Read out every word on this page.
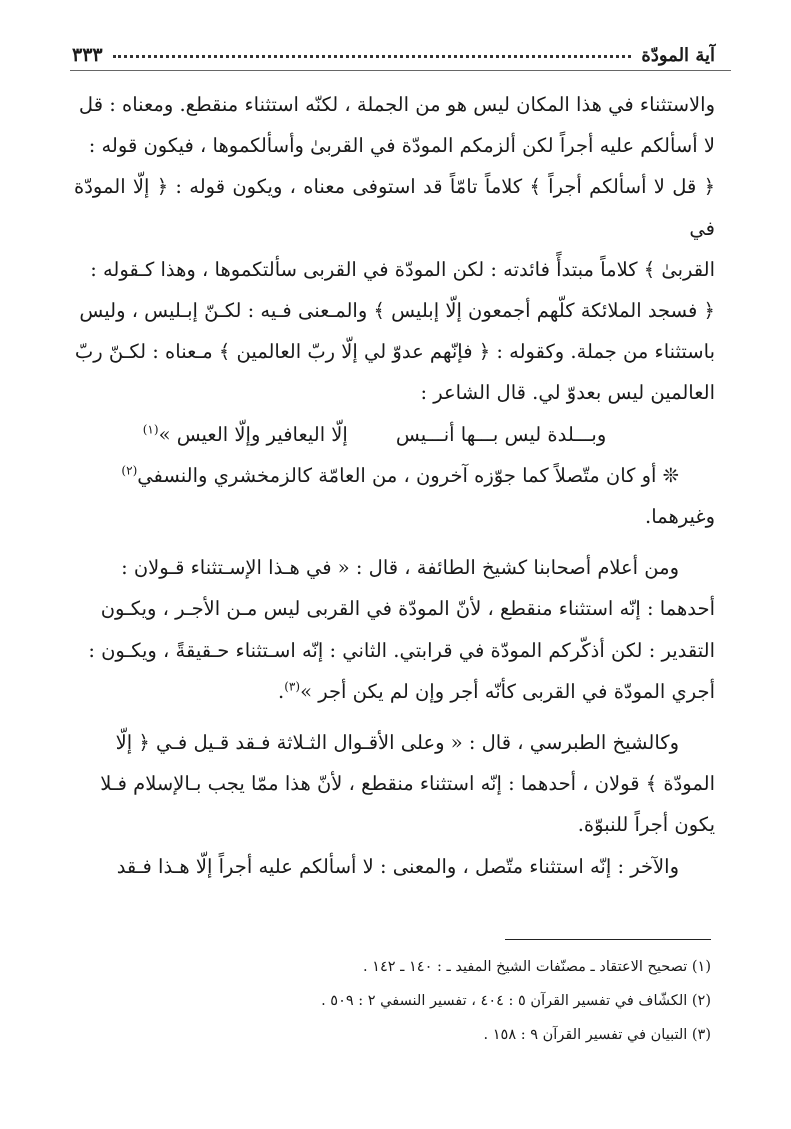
آية المودّة
٣٣٣

والاستثناء في هذا المكان ليس هو من الجملة ، لكنّه استثناء منقطع. ومعناه : قل

لا أسألكم عليه أجراً لكن ألزمكم المودّة في القربىٰ وأسألكموها ، فيكون قوله :

﴿ قل لا أسألكم أجراً ﴾ كلاماً تامّاً قد استوفى معناه ، ويكون قوله : ﴿ إلّا المودّة في

القربىٰ ﴾ كلاماً مبتدأً فائدته : لكن المودّة في القربى سألتكموها ، وهذا كـقوله :

﴿ فسجد الملائكة كلّهم أجمعون إلّا إبليس ﴾ والمـعنى فـيه : لكـنّ إبـليس ، وليس

باستثناء من جملة. وكقوله : ﴿ فإنّهم عدوّ لي إلّا ربّ العالمين ﴾ مـعناه : لكـنّ ربّ

العالمين ليس بعدوّ لي. قال الشاعر :

وبـــلدة ليس بـــها أنـــيس
إلّا اليعافير وإلّا العيس »$^{(١)}$

❊ أو كان متّصلاً كما جوّزه آخرون ، من العامّة كالزمخشري والنسفي$^{(٢)}$

وغيرهما.

ومن أعلام أصحابنا كشيخ الطائفة ، قال : « في هـذا الإسـتثناء قـولان :

أحدهما : إنّه استثناء منقطع ، لأنّ المودّة في القربى ليس مـن الأجـر ، ويكـون

التقدير : لكن أذكّركم المودّة في قرابتي. الثاني : إنّه اسـتثناء حـقيقةً ، ويكـون :

أجري المودّة في القربى كأنّه أجر وإن لم يكن أجر »$^{(٣)}$.

وكالشيخ الطبرسي ، قال : « وعلى الأقـوال الثـلاثة فـقد قـيل فـي ﴿ إلّا

المودّة ﴾ قولان ، أحدهما : إنّه استثناء منقطع ، لأنّ هذا ممّا يجب بـالإسلام فـلا

يكون أجراً للنبوّة.

والآخر : إنّه استثناء متّصل ، والمعنى : لا أسألكم عليه أجراً إلّا هـذا فـقد

(١) تصحيح الاعتقاد ـ مصنّفات الشيخ المفيد ـ : ١٤٠ ـ ١٤٢ .
(٢) الكشّاف في تفسير القرآن ٥ : ٤٠٤ ، تفسير النسفي ٢ : ٥٠٩ .
(٣) التبيان في تفسير القرآن ٩ : ١٥٨ .
